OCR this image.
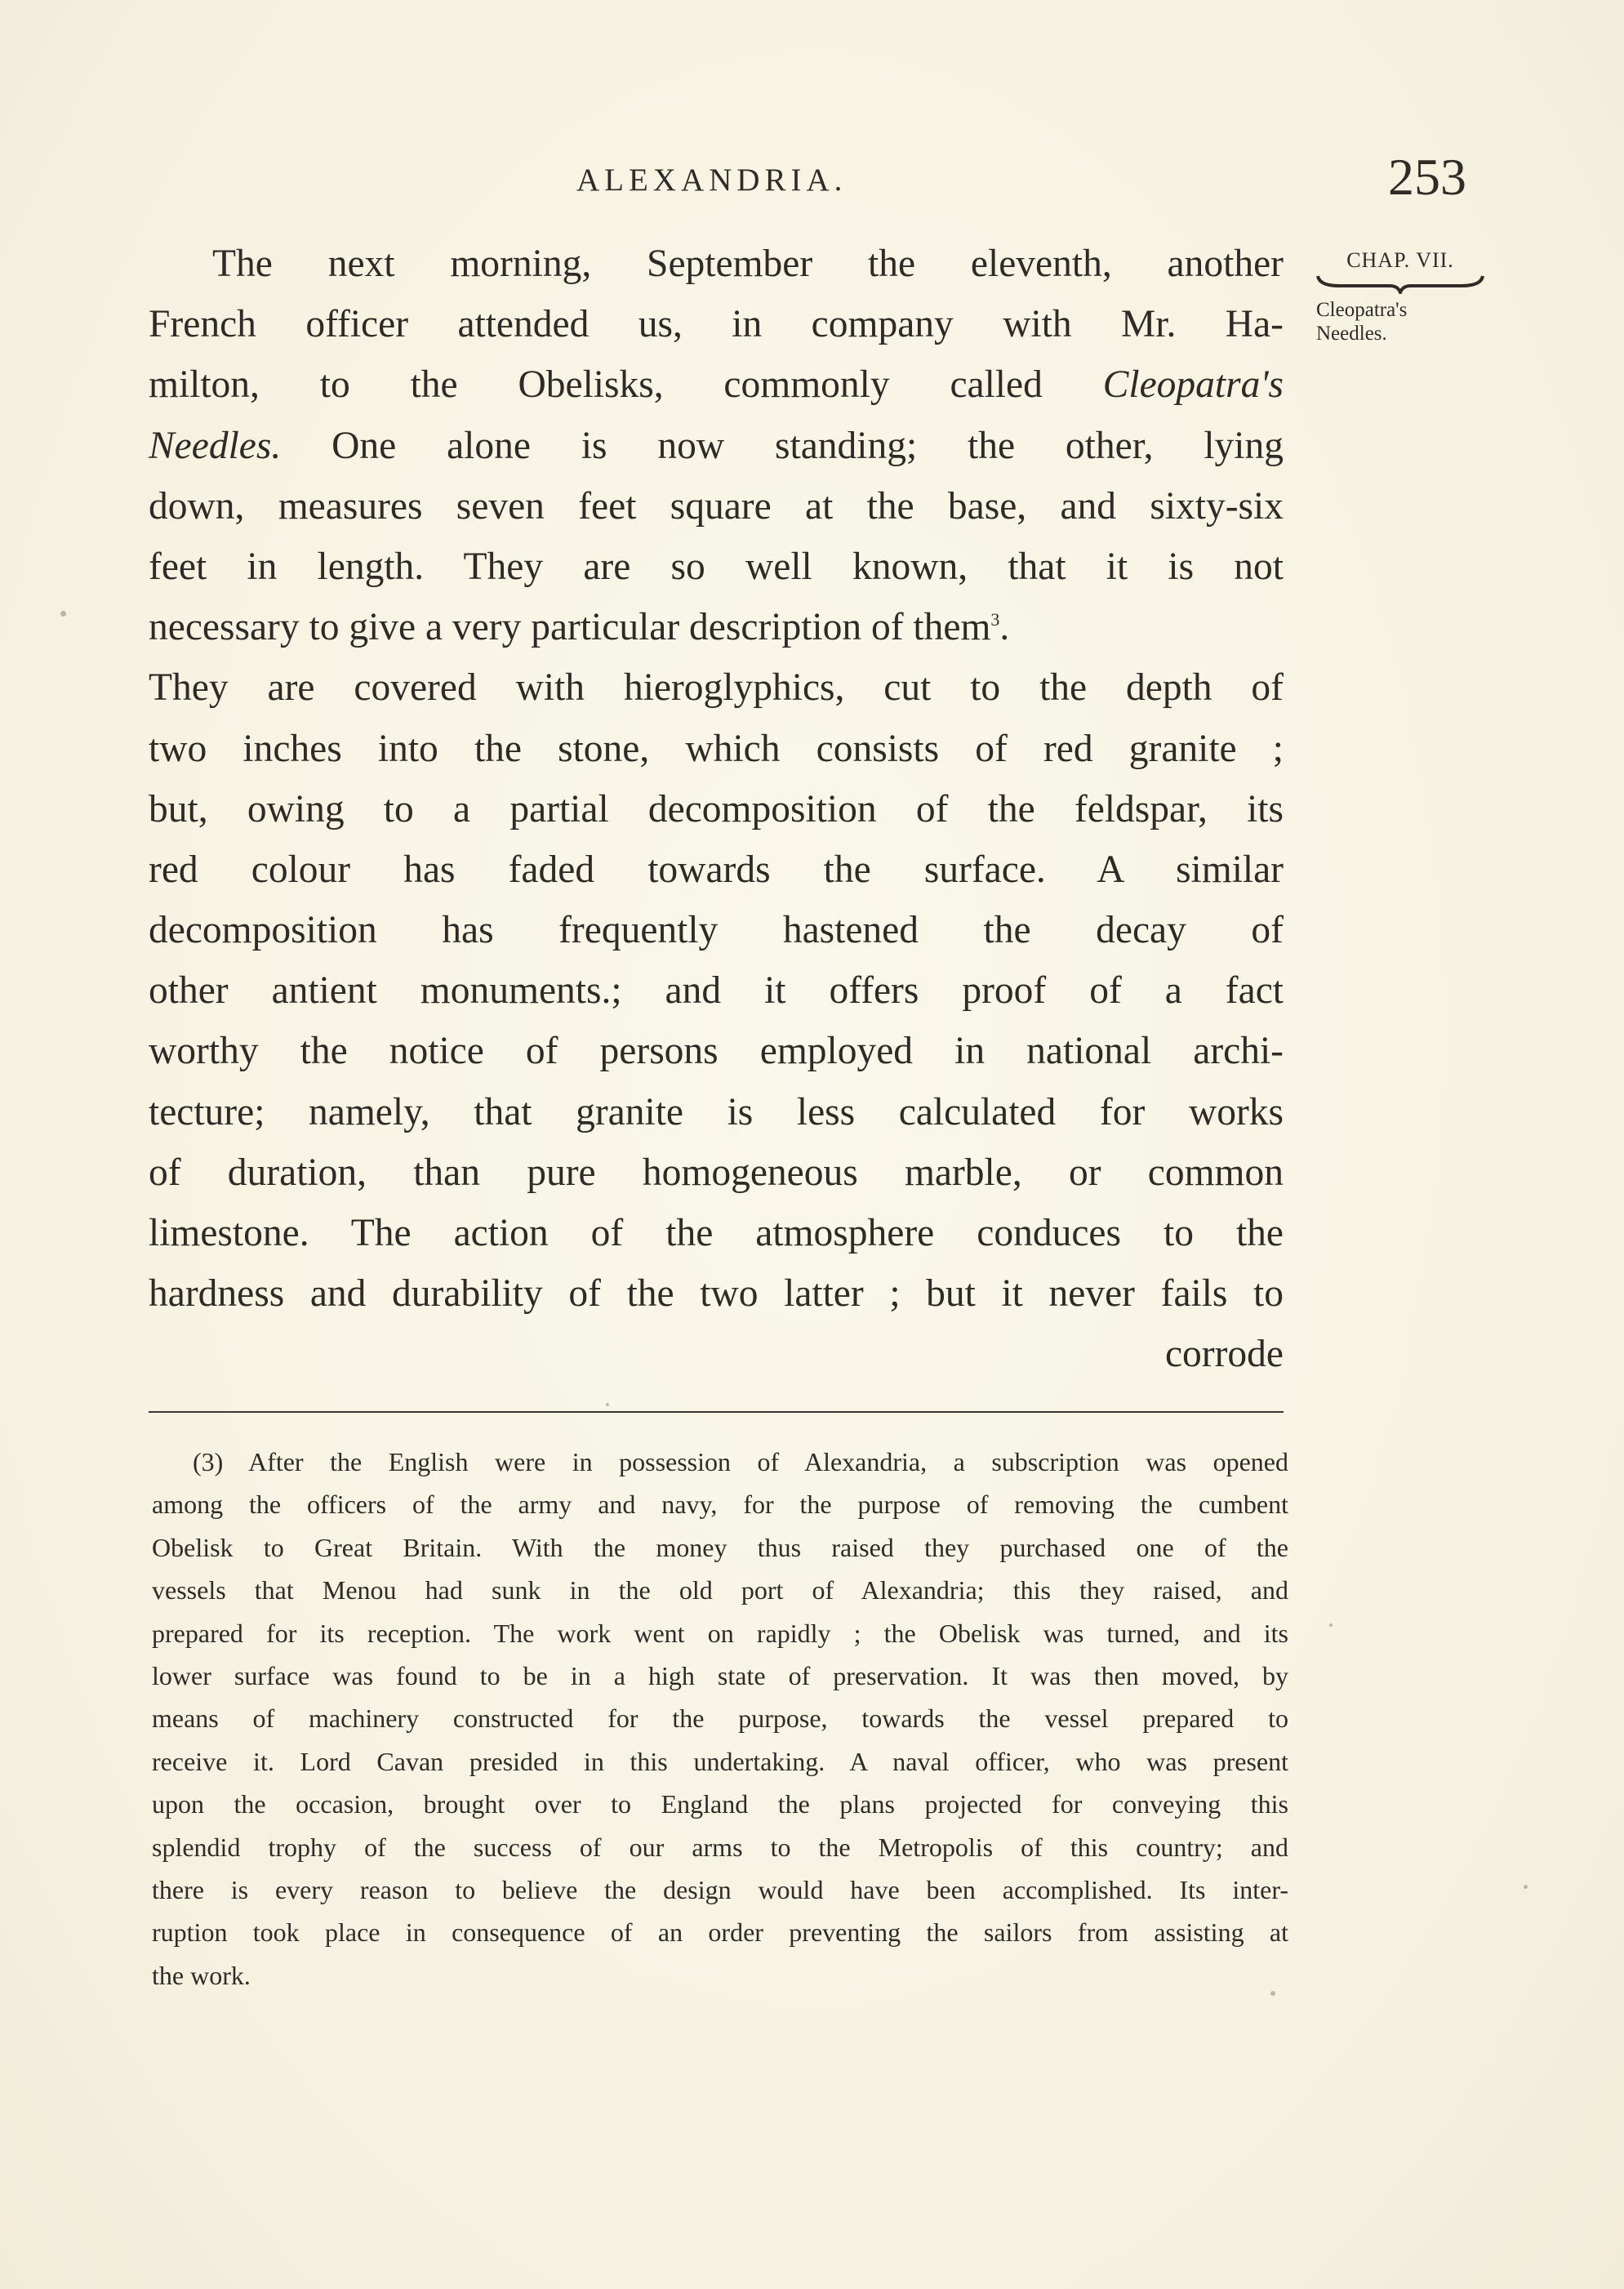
ALEXANDRIA.	253
CHAP. VII.
Cleopatra's
Needles.
The next morning, September the eleventh, another
French officer attended us, in company with Mr. Ha-
milton, to the Obelisks, commonly called Cleopatra's
Needles. One alone is now standing; the other, lying
down, measures seven feet square at the base, and sixty-six
feet in length. They are so well known, that it is not
necessary to give a very particular description of them$^3$.
They are covered with hieroglyphics, cut to the depth of
two inches into the stone, which consists of red granite ;
but, owing to a partial decomposition of the feldspar, its
red colour has faded towards the surface. A similar
decomposition has frequently hastened the decay of
other antient monuments.; and it offers proof of a fact
worthy the notice of persons employed in national archi-
tecture; namely, that granite is less calculated for works
of duration, than pure homogeneous marble, or common
limestone. The action of the atmosphere conduces to the
hardness and durability of the two latter ; but it never fails to
corrode
(3) After the English were in possession of Alexandria, a subscription was opened
among the officers of the army and navy, for the purpose of removing the cumbent
Obelisk to Great Britain. With the money thus raised they purchased one of the
vessels that Menou had sunk in the old port of Alexandria; this they raised, and
prepared for its reception. The work went on rapidly ; the Obelisk was turned, and its
lower surface was found to be in a high state of preservation. It was then moved, by
means of machinery constructed for the purpose, towards the vessel prepared to
receive it. Lord Cavan presided in this undertaking. A naval officer, who was present
upon the occasion, brought over to England the plans projected for conveying this
splendid trophy of the success of our arms to the Metropolis of this country; and
there is every reason to believe the design would have been accomplished. Its inter-
ruption took place in consequence of an order preventing the sailors from assisting at
the work.
